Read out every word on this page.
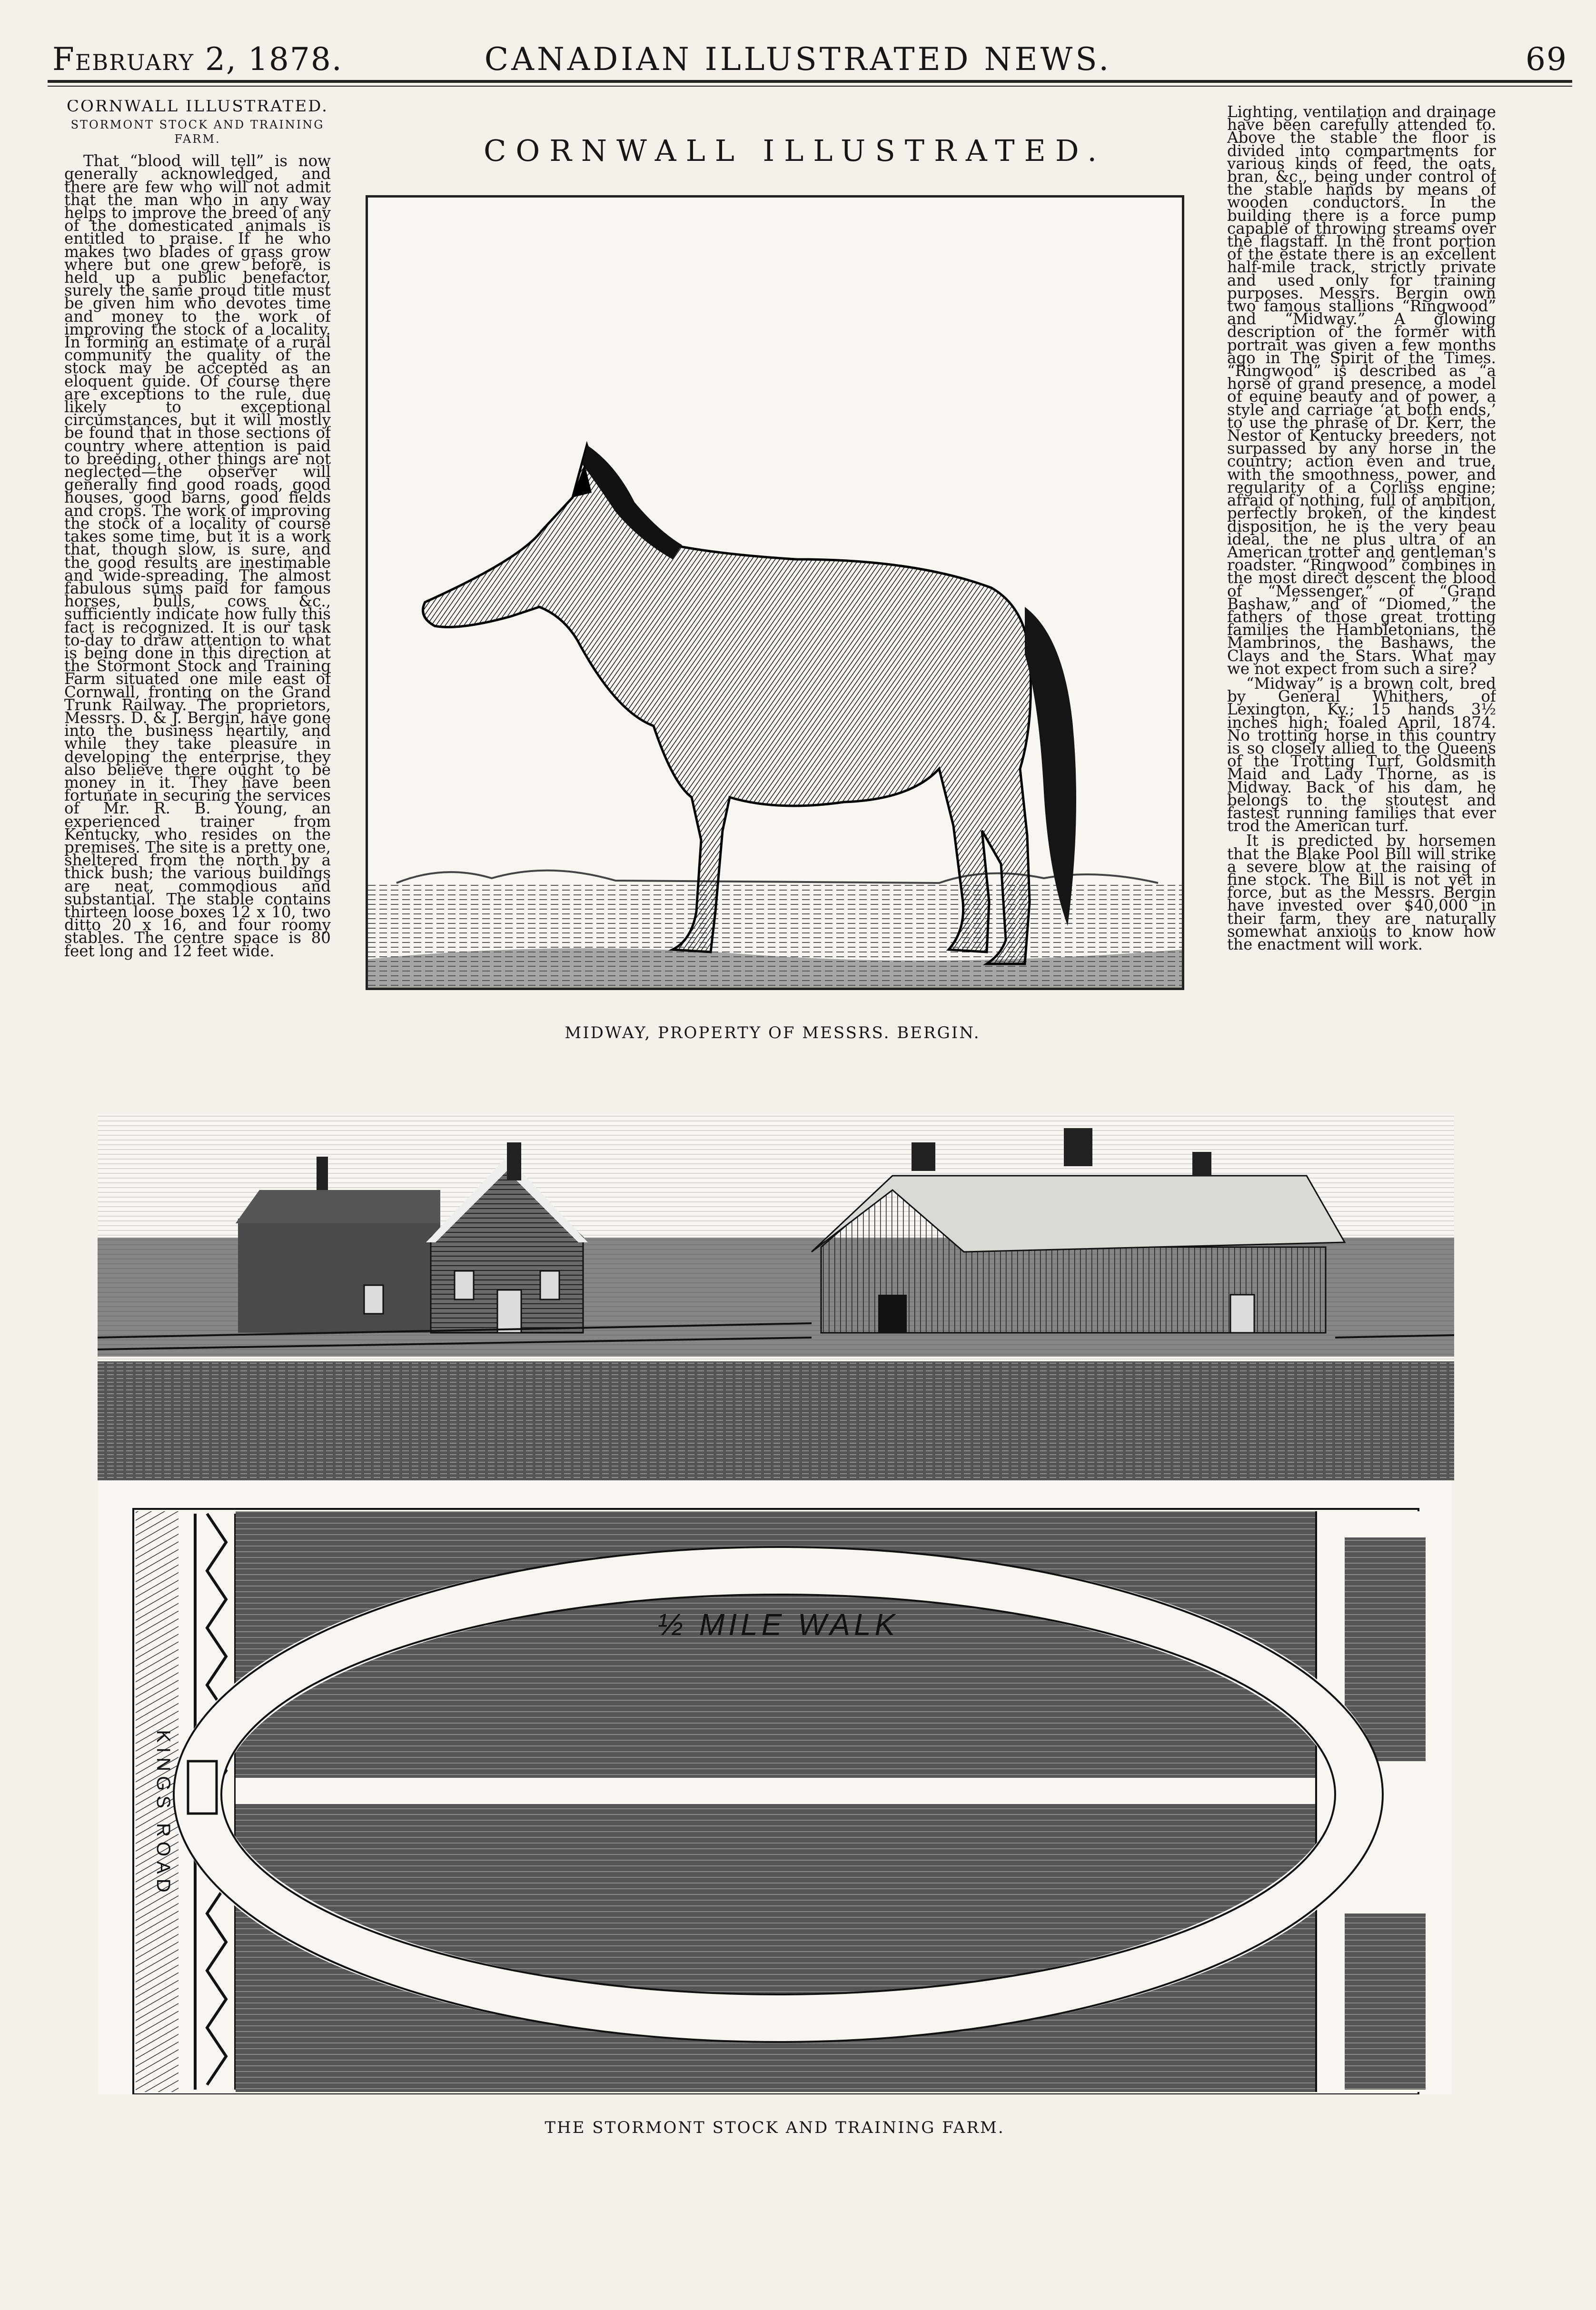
February 2, 1878.	CANADIAN ILLUSTRATED NEWS.	69
CORNWALL ILLUSTRATED.
STORMONT STOCK AND TRAINING FARM.

That “blood will tell” is now generally acknowledged, and there are few who will not admit that the man who in any way helps to improve the breed of any of the domesticated animals is entitled to praise. If he who makes two blades of grass grow where but one grew before, is held up a public benefactor, surely the same proud title must be given him who devotes time and money to the work of improving the stock of a locality. In forming an estimate of a rural community the quality of the stock may be accepted as an eloquent guide. Of course there are exceptions to the rule, due likely to exceptional circumstances, but it will mostly be found that in those sections of country where attention is paid to breeding, other things are not neglected—the observer will generally find good roads, good houses, good barns, good fields and crops. The work of improving the stock of a locality of course takes some time, but it is a work that, though slow, is sure, and the good results are inestimable and wide-spreading. The almost fabulous sums paid for famous horses, bulls, cows &c., sufficiently indicate how fully this fact is recognized. It is our task to-day to draw attention to what is being done in this direction at the Stormont Stock and Training Farm situated one mile east of Cornwall, fronting on the Grand Trunk Railway. The proprietors, Messrs. D. & J. Bergin, have gone into the business heartily, and while they take pleasure in developing the enterprise, they also believe there ought to be money in it. They have been fortunate in securing the services of Mr. R. B. Young, an experienced trainer from Kentucky, who resides on the premises. The site is a pretty one, sheltered from the north by a thick bush; the various buildings are neat, commodious and substantial. The stable contains thirteen loose boxes 12 x 10, two ditto 20 x 16, and four roomy stables. The centre space is 80 feet long and 12 feet wide.

Lighting, ventilation and drainage have been carefully attended to. Above the stable the floor is divided into compartments for various kinds of feed, the oats, bran, &c., being under control of the stable hands by means of wooden conductors. In the building there is a force pump capable of throwing streams over the flagstaff. In the front portion of the estate there is an excellent half-mile track, strictly private and used only for training purposes. Messrs. Bergin own two famous stallions “Ringwood” and “Midway.” A glowing description of the former with portrait was given a few months ago in The Spirit of the Times. “Ringwood” is described as “a horse of grand presence, a model of equine beauty and of power, a style and carriage ‘at both ends,’ to use the phrase of Dr. Kerr, the Nestor of Kentucky breeders, not surpassed by any horse in the country; action even and true, with the smoothness, power, and regularity of a Corliss engine; afraid of nothing, full of ambition, perfectly broken, of the kindest disposition, he is the very beau ideal, the ne plus ultra of an American trotter and gentleman's roadster. “Ringwood” combines in the most direct descent the blood of “Messenger,” of “Grand Bashaw,” and of “Diomed,” the fathers of those great trotting families the Hambletonians, the Mambrinos, the Bashaws, the Clays and the Stars. What may we not expect from such a sire?

“Midway” is a brown colt, bred by General Whithers, of Lexington, Ky.; 15 hands 3½ inches high; foaled April, 1874. No trotting horse in this country is so closely allied to the Queens of the Trotting Turf, Goldsmith Maid and Lady Thorne, as is Midway. Back of his dam, he belongs to the stoutest and fastest running families that ever trod the American turf.

It is predicted by horsemen that the Blake Pool Bill will strike a severe blow at the raising of fine stock. The Bill is not yet in force, but as the Messrs. Bergin have invested over $40,000 in their farm, they are naturally somewhat anxious to know how the enactment will work.

CORNWALL ILLUSTRATED.
MIDWAY, PROPERTY OF MESSRS. BERGIN.
½ MILE WALK
KINGS ROAD
THE STORMONT STOCK AND TRAINING FARM.
